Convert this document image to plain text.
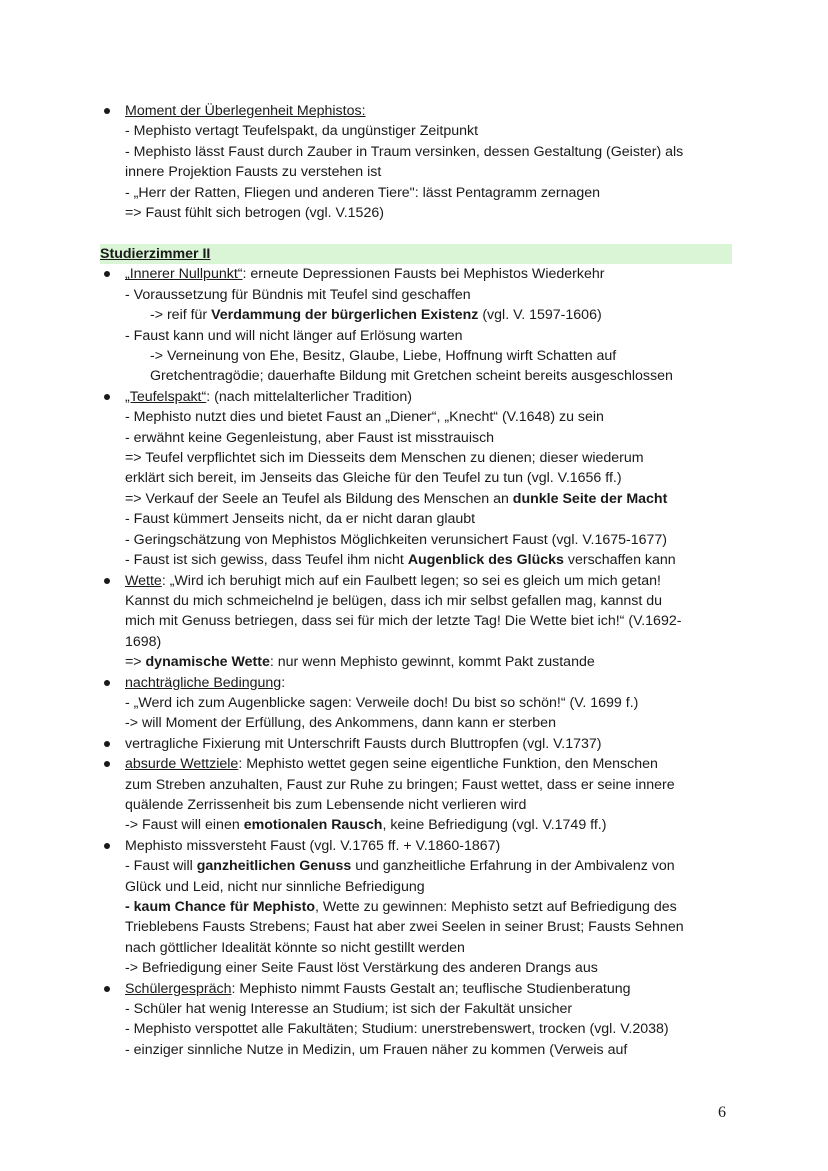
Moment der Überlegenheit Mephistos:
- Mephisto vertagt Teufelspakt, da ungünstiger Zeitpunkt
- Mephisto lässt Faust durch Zauber in Traum versinken, dessen Gestaltung (Geister) als
innere Projektion Fausts zu verstehen ist
- „Herr der Ratten, Fliegen und anderen Tiere": lässt Pentagramm zernagen
=> Faust fühlt sich betrogen (vgl. V.1526)
Studierzimmer II
„Innerer Nullpunkt“: erneute Depressionen Fausts bei Mephistos Wiederkehr
- Voraussetzung für Bündnis mit Teufel sind geschaffen
-> reif für Verdammung der bürgerlichen Existenz (vgl. V. 1597-1606)
- Faust kann und will nicht länger auf Erlösung warten
-> Verneinung von Ehe, Besitz, Glaube, Liebe, Hoffnung wirft Schatten auf
Gretchentragödie; dauerhafte Bildung mit Gretchen scheint bereits ausgeschlossen
„Teufelspakt“: (nach mittelalterlicher Tradition)
- Mephisto nutzt dies und bietet Faust an „Diener“, „Knecht“ (V.1648) zu sein
- erwähnt keine Gegenleistung, aber Faust ist misstrauisch
=> Teufel verpflichtet sich im Diesseits dem Menschen zu dienen; dieser wiederum
erklärt sich bereit, im Jenseits das Gleiche für den Teufel zu tun (vgl. V.1656 ff.)
=> Verkauf der Seele an Teufel als Bildung des Menschen an dunkle Seite der Macht
- Faust kümmert Jenseits nicht, da er nicht daran glaubt
- Geringschätzung von Mephistos Möglichkeiten verunsichert Faust (vgl. V.1675-1677)
- Faust ist sich gewiss, dass Teufel ihm nicht Augenblick des Glücks verschaffen kann
Wette: „Wird ich beruhigt mich auf ein Faulbett legen; so sei es gleich um mich getan!
Kannst du mich schmeichelnd je belügen, dass ich mir selbst gefallen mag, kannst du
mich mit Genuss betriegen, dass sei für mich der letzte Tag! Die Wette biet ich!“ (V.1692-
1698)
=> dynamische Wette: nur wenn Mephisto gewinnt, kommt Pakt zustande
nachträgliche Bedingung:
- „Werd ich zum Augenblicke sagen: Verweile doch! Du bist so schön!“ (V. 1699 f.)
-> will Moment der Erfüllung, des Ankommens, dann kann er sterben
vertragliche Fixierung mit Unterschrift Fausts durch Bluttropfen (vgl. V.1737)
absurde Wettziele: Mephisto wettet gegen seine eigentliche Funktion, den Menschen
zum Streben anzuhalten, Faust zur Ruhe zu bringen; Faust wettet, dass er seine innere
quälende Zerrissenheit bis zum Lebensende nicht verlieren wird
-> Faust will einen emotionalen Rausch, keine Befriedigung (vgl. V.1749 ff.)
Mephisto missversteht Faust (vgl. V.1765 ff. + V.1860-1867)
- Faust will ganzheitlichen Genuss und ganzheitliche Erfahrung in der Ambivalenz von
Glück und Leid, nicht nur sinnliche Befriedigung
- kaum Chance für Mephisto, Wette zu gewinnen: Mephisto setzt auf Befriedigung des
Trieblebens Fausts Strebens; Faust hat aber zwei Seelen in seiner Brust; Fausts Sehnen
nach göttlicher Idealität könnte so nicht gestillt werden
-> Befriedigung einer Seite Faust löst Verstärkung des anderen Drangs aus
Schülergespräch: Mephisto nimmt Fausts Gestalt an; teuflische Studienberatung
- Schüler hat wenig Interesse an Studium; ist sich der Fakultät unsicher
- Mephisto verspottet alle Fakultäten; Studium: unerstrebenswert, trocken (vgl. V.2038)
- einziger sinnliche Nutze in Medizin, um Frauen näher zu kommen (Verweis auf
6
